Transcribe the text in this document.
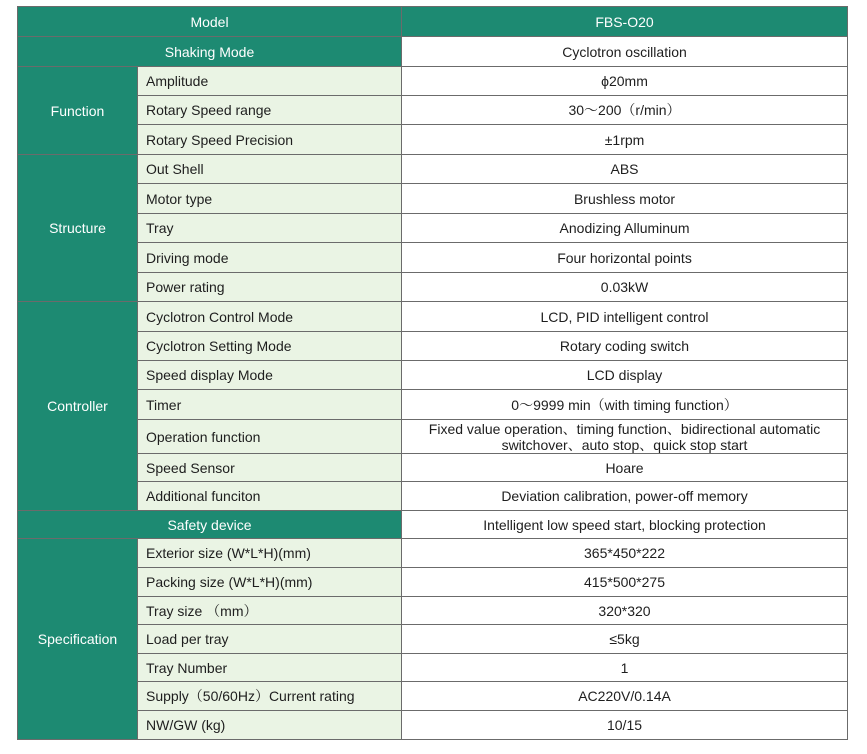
Model		FBS-O20
Shaking Mode		Cyclotron oscillation
Function	Amplitude	ϕ20mm
	Rotary Speed range	30～200（r/min）
	Rotary Speed Precision	±1rpm
Structure	Out Shell	ABS
	Motor type	Brushless motor
	Tray	Anodizing Alluminum
	Driving mode	Four horizontal points
	Power rating	0.03kW
Controller	Cyclotron Control Mode	LCD, PID intelligent control
	Cyclotron Setting Mode	Rotary coding switch
	Speed display Mode	LCD display
	Timer	0～9999 min（with timing function）
	Operation function	Fixed value operation、timing function、bidirectional automatic
switchover、auto stop、quick stop start

	Speed Sensor	Hoare
	Additional funciton	Deviation calibration, power-off memory
Safety device		Intelligent low speed start, blocking protection
Specification	Exterior size (W*L*H)(mm)	365*450*222
	Packing size (W*L*H)(mm)	415*500*275
	Tray size （mm）	320*320
	Load per tray	≤5kg
	Tray Number	1
	Supply（50/60Hz）Current rating	AC220V/0.14A
	NW/GW (kg)	10/15
